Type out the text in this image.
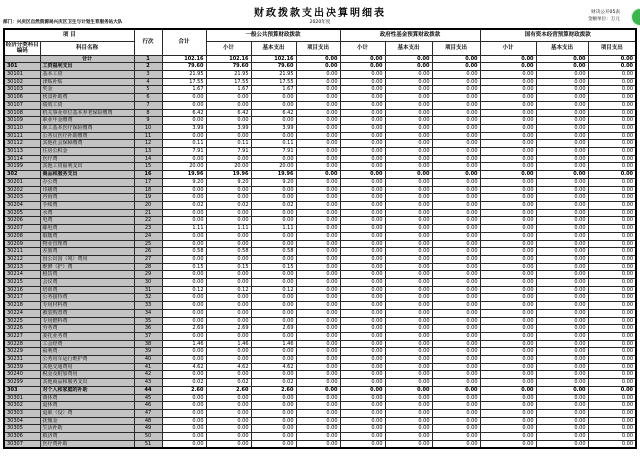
财政拨款支出决算明细表	财决公开05表
金额单位：万元
部门：兴庆区自然资源局兴庆区卫生与计划生育服务站大队	2020年度
项 目		行次	合计	一般公共预算财政拨款			政府性基金预算财政拨款			国有资本经营预算财政拨款		
经济分类科目编码	科目名称			小计	基本支出	项目支出	小计	基本支出	项目支出	小计	基本支出	项目支出
	合计	1	102.16	102.16	102.16	0.00	0.00	0.00	0.00	0.00	0.00	0.00
301	工资福利支出	2	79.60	79.60	79.60	0.00	0.00	0.00	0.00	0.00	0.00	0.00
30101	基本工资	3	21.95	21.95	21.95	0.00	0.00	0.00	0.00	0.00	0.00	0.00
30102	津贴补贴	4	17.55	17.55	17.55	0.00	0.00	0.00	0.00	0.00	0.00	0.00
30103	奖金	5	1.67	1.67	1.67	0.00	0.00	0.00	0.00	0.00	0.00	0.00
30106	伙食补助费	6	0.00	0.00	0.00	0.00	0.00	0.00	0.00	0.00	0.00	0.00
30107	绩效工资	7	0.00	0.00	0.00	0.00	0.00	0.00	0.00	0.00	0.00	0.00
30108	机关事业单位基本养老保险缴费	8	6.42	6.42	6.42	0.00	0.00	0.00	0.00	0.00	0.00	0.00
30109	职业年金缴费	9	0.00	0.00	0.00	0.00	0.00	0.00	0.00	0.00	0.00	0.00
30110	职工基本医疗保险缴费	10	3.99	3.99	3.99	0.00	0.00	0.00	0.00	0.00	0.00	0.00
30111	公务员医疗补助缴费	11	0.00	0.00	0.00	0.00	0.00	0.00	0.00	0.00	0.00	0.00
30112	其他社会保障缴费	12	0.11	0.11	0.11	0.00	0.00	0.00	0.00	0.00	0.00	0.00
30113	住房公积金	13	7.91	7.91	7.91	0.00	0.00	0.00	0.00	0.00	0.00	0.00
30114	医疗费	14	0.00	0.00	0.00	0.00	0.00	0.00	0.00	0.00	0.00	0.00
30199	其他工资福利支出	15	20.00	20.00	20.00	0.00	0.00	0.00	0.00	0.00	0.00	0.00
302	商品和服务支出	16	19.96	19.96	19.96	0.00	0.00	0.00	0.00	0.00	0.00	0.00
30201	办公费	17	9.20	9.20	9.20	0.00	0.00	0.00	0.00	0.00	0.00	0.00
30202	印刷费	18	0.00	0.00	0.00	0.00	0.00	0.00	0.00	0.00	0.00	0.00
30203	咨询费	19	0.00	0.00	0.00	0.00	0.00	0.00	0.00	0.00	0.00	0.00
30204	手续费	20	0.02	0.02	0.02	0.00	0.00	0.00	0.00	0.00	0.00	0.00
30205	水费	21	0.00	0.00	0.00	0.00	0.00	0.00	0.00	0.00	0.00	0.00
30206	电费	22	0.00	0.00	0.00	0.00	0.00	0.00	0.00	0.00	0.00	0.00
30207	邮电费	23	1.11	1.11	1.11	0.00	0.00	0.00	0.00	0.00	0.00	0.00
30208	取暖费	24	0.00	0.00	0.00	0.00	0.00	0.00	0.00	0.00	0.00	0.00
30209	物业管理费	25	0.00	0.00	0.00	0.00	0.00	0.00	0.00	0.00	0.00	0.00
30211	差旅费	26	0.58	0.58	0.58	0.00	0.00	0.00	0.00	0.00	0.00	0.00
30212	因公出国（境）费用	27	0.00	0.00	0.00	0.00	0.00	0.00	0.00	0.00	0.00	0.00
30213	维修（护）费	28	0.15	0.15	0.15	0.00	0.00	0.00	0.00	0.00	0.00	0.00
30214	租赁费	29	0.00	0.00	0.00	0.00	0.00	0.00	0.00	0.00	0.00	0.00
30215	会议费	30	0.00	0.00	0.00	0.00	0.00	0.00	0.00	0.00	0.00	0.00
30216	培训费	31	0.12	0.12	0.12	0.00	0.00	0.00	0.00	0.00	0.00	0.00
30217	公务接待费	32	0.00	0.00	0.00	0.00	0.00	0.00	0.00	0.00	0.00	0.00
30218	专用材料费	33	0.00	0.00	0.00	0.00	0.00	0.00	0.00	0.00	0.00	0.00
30224	被装购置费	34	0.00	0.00	0.00	0.00	0.00	0.00	0.00	0.00	0.00	0.00
30225	专用燃料费	35	0.00	0.00	0.00	0.00	0.00	0.00	0.00	0.00	0.00	0.00
30226	劳务费	36	2.69	2.69	2.69	0.00	0.00	0.00	0.00	0.00	0.00	0.00
30227	委托业务费	37	0.00	0.00	0.00	0.00	0.00	0.00	0.00	0.00	0.00	0.00
30228	工会经费	38	1.46	1.46	1.46	0.00	0.00	0.00	0.00	0.00	0.00	0.00
30229	福利费	39	0.00	0.00	0.00	0.00	0.00	0.00	0.00	0.00	0.00	0.00
30231	公务用车运行维护费	40	0.00	0.00	0.00	0.00	0.00	0.00	0.00	0.00	0.00	0.00
30239	其他交通费用	41	4.62	4.62	4.62	0.00	0.00	0.00	0.00	0.00	0.00	0.00
30240	税金及附加费用	42	0.00	0.00	0.00	0.00	0.00	0.00	0.00	0.00	0.00	0.00
30299	其他商品和服务支出	43	0.02	0.02	0.02	0.00	0.00	0.00	0.00	0.00	0.00	0.00
303	对个人和家庭的补助	44	2.60	2.60	2.60	0.00	0.00	0.00	0.00	0.00	0.00	0.00
30301	离休费	45	0.00	0.00	0.00	0.00	0.00	0.00	0.00	0.00	0.00	0.00
30302	退休费	46	0.00	0.00	0.00	0.00	0.00	0.00	0.00	0.00	0.00	0.00
30303	退职（役）费	47	0.00	0.00	0.00	0.00	0.00	0.00	0.00	0.00	0.00	0.00
30304	抚恤金	48	0.00	0.00	0.00	0.00	0.00	0.00	0.00	0.00	0.00	0.00
30305	生活补助	49	0.00	0.00	0.00	0.00	0.00	0.00	0.00	0.00	0.00	0.00
30306	救济费	50	0.00	0.00	0.00	0.00	0.00	0.00	0.00	0.00	0.00	0.00
30307	医疗费补助	51	0.00	0.00	0.00	0.00	0.00	0.00	0.00	0.00	0.00	0.00
